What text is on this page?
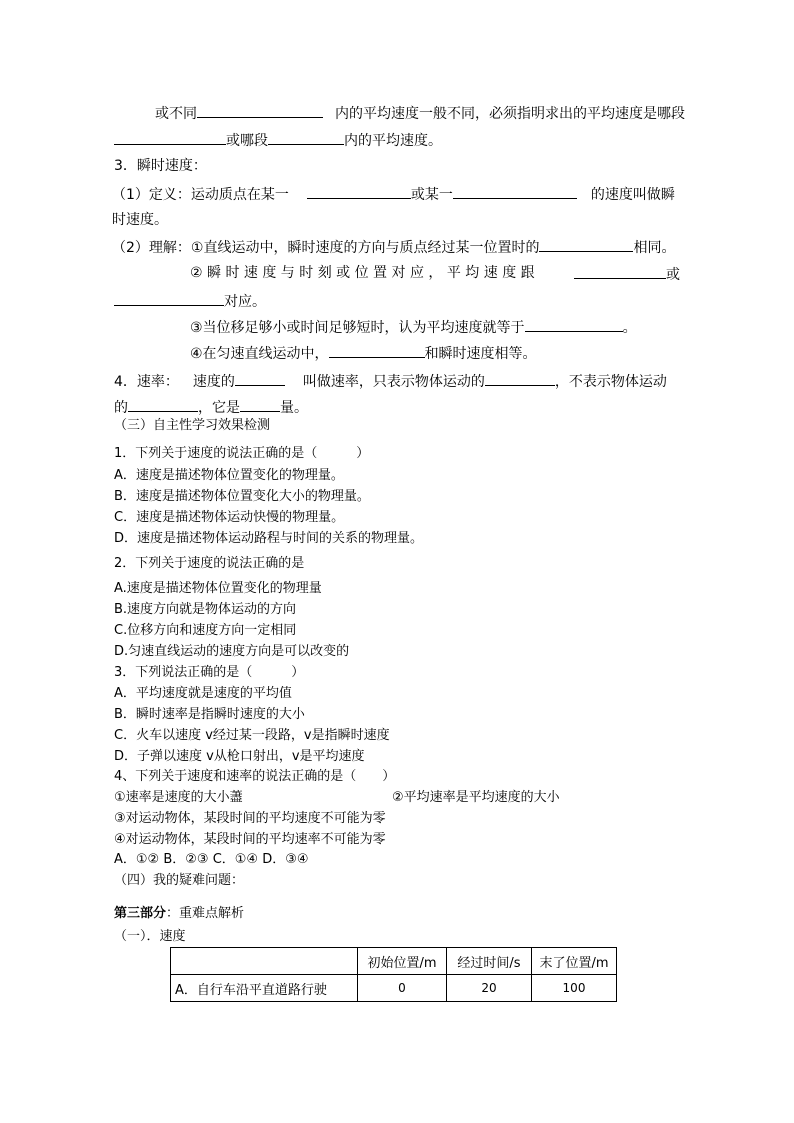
或不同	内的平均速度一般不同，必须指明求出的平均速度是哪段
或哪段	内的平均速度。
3．瞬时速度：
（1）定义：运动质点在某一	或某一	的速度叫做瞬
时速度。
（2）理解：①直线运动中，瞬时速度的方向与质点经过某一位置时的	相同。
② 瞬 时 速 度 与 时 刻 或 位 置 对 应 ， 平 均 速 度 跟	或
对应。
③当位移足够小或时间足够短时，认为平均速度就等于	。
④在匀速直线运动中，	和瞬时速度相等。
4．速率： 速度的	叫做速率，只表示物体运动的	，不表示物体运动
的	，它是	量。
（三）自主性学习效果检测
1．下列关于速度的说法正确的是（　　　）
A．速度是描述物体位置变化的物理量。
B．速度是描述物体位置变化大小的物理量。
C．速度是描述物体运动快慢的物理量。
D．速度是描述物体运动路程与时间的关系的物理量。
2．下列关于速度的说法正确的是
A.速度是描述物体位置变化的物理量
B.速度方向就是物体运动的方向
C.位移方向和速度方向一定相同
D.匀速直线运动的速度方向是可以改变的
3．下列说法正确的是（　　　）
A．平均速度就是速度的平均值
B．瞬时速率是指瞬时速度的大小
C．火车以速度 v经过某一段路，v是指瞬时速度
D．子弹以速度 v从枪口射出，v是平均速度
4、下列关于速度和速率的说法正确的是（　　）
①速率是速度的大小藎	②平均速率是平均速度的大小
③对运动物体，某段时间的平均速度不可能为零
④对运动物体，某段时间的平均速率不可能为零
A．①② B．②③ C．①④ D．③④
（四）我的疑难问题：
第三部分：重难点解析
（一）．速度
	初始位置/m	经过时间/s	末了位置/m
A．自行车沿平直道路行驶	0	20	100
